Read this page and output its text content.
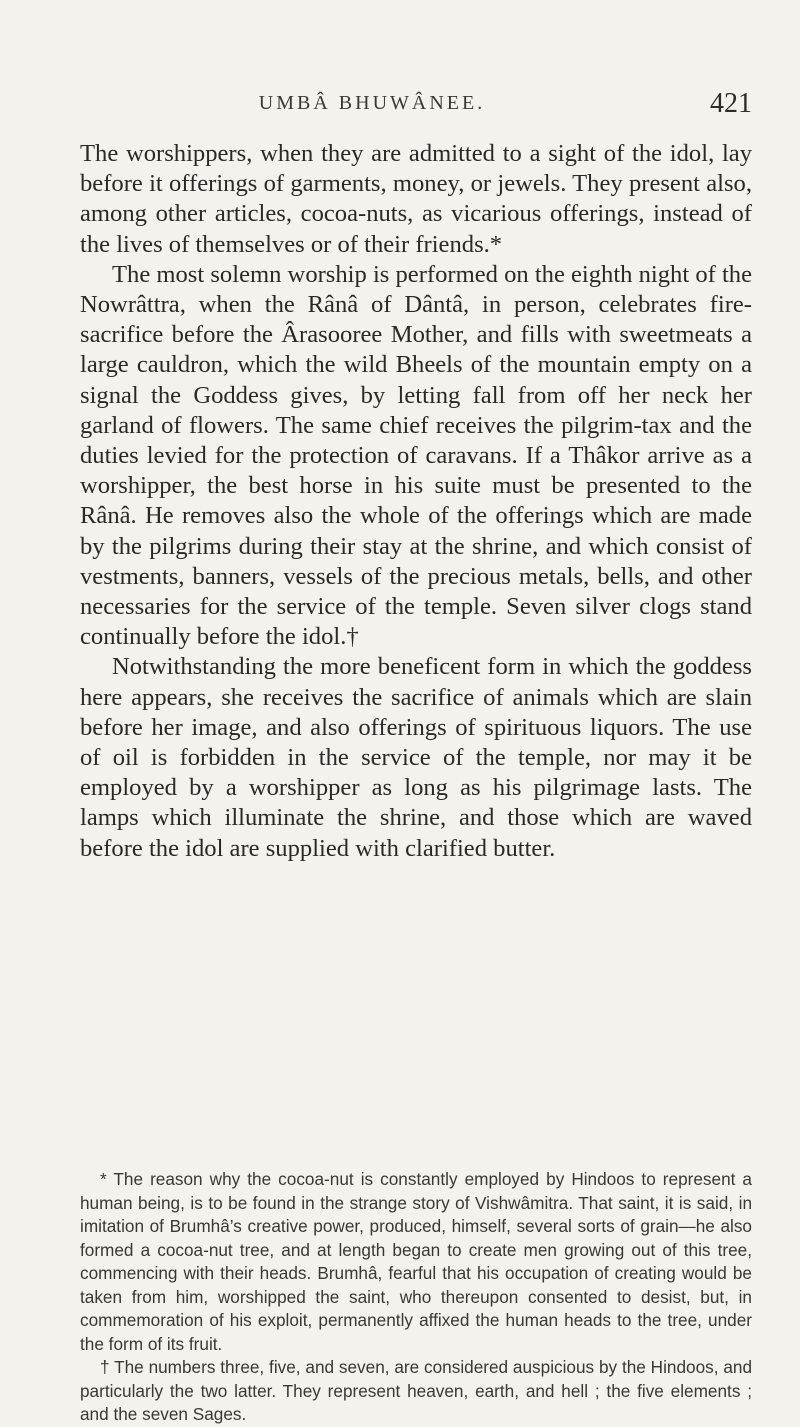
UMBÂ BHUWÂNEE.	421

The worshippers, when they are admitted to a sight of the idol, lay before it offerings of garments, money, or jewels. They present also, among other articles, cocoa-nuts, as vicarious offerings, instead of the lives of themselves or of their friends.*

The most solemn worship is performed on the eighth night of the Nowrâttra, when the Rânâ of Dântâ, in person, celebrates fire-sacrifice before the Ârasooree Mother, and fills with sweetmeats a large cauldron, which the wild Bheels of the mountain empty on a signal the Goddess gives, by letting fall from off her neck her garland of flowers. The same chief receives the pilgrim-tax and the duties levied for the protection of caravans. If a Thâkor arrive as a worshipper, the best horse in his suite must be presented to the Rânâ. He removes also the whole of the offerings which are made by the pilgrims during their stay at the shrine, and which consist of vestments, banners, vessels of the precious metals, bells, and other necessaries for the service of the temple. Seven silver clogs stand continually before the idol.†

Notwithstanding the more beneficent form in which the goddess here appears, she receives the sacrifice of animals which are slain before her image, and also offerings of spirituous liquors. The use of oil is forbidden in the service of the temple, nor may it be employed by a worshipper as long as his pilgrimage lasts. The lamps which illuminate the shrine, and those which are waved before the idol are supplied with clarified butter.

* The reason why the cocoa-nut is constantly employed by Hindoos to represent a human being, is to be found in the strange story of Vishwâmitra. That saint, it is said, in imitation of Brumhâ’s creative power, produced, himself, several sorts of grain—he also formed a cocoa-nut tree, and at length began to create men growing out of this tree, commencing with their heads. Brumhâ, fearful that his occupation of creating would be taken from him, worshipped the saint, who thereupon consented to desist, but, in commemoration of his exploit, permanently affixed the human heads to the tree, under the form of its fruit.

† The numbers three, five, and seven, are considered auspicious by the Hindoos, and particularly the two latter. They represent heaven, earth, and hell ; the five elements ; and the seven Sages.
